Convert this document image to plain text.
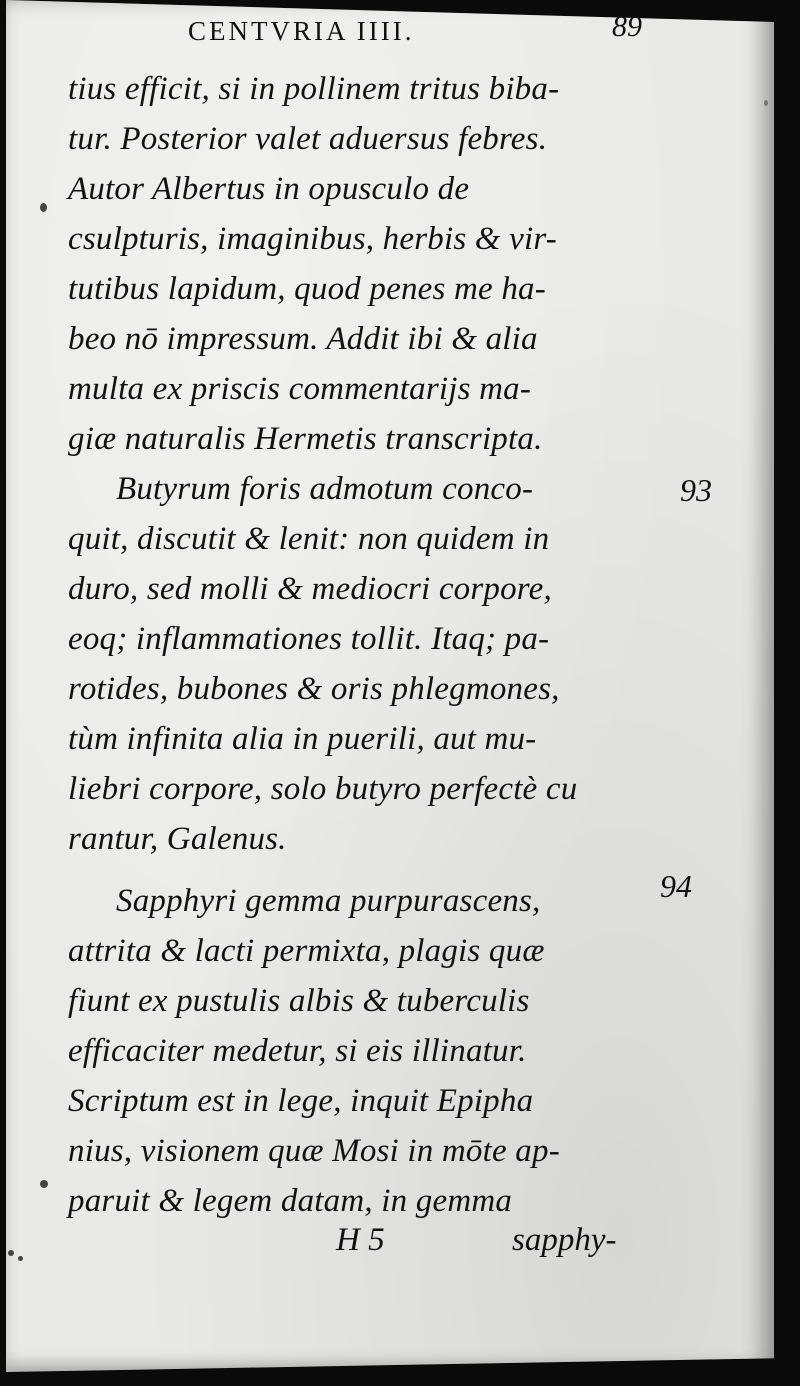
CENTVRIA IIII.	89
tius efficit, si in pollinem tritus biba-
tur. Posterior valet aduersus febres.
Autor Albertus in opusculo de
csulpturis, imaginibus, herbis & vir-
tutibus lapidum, quod penes me ha-
beo nō impressum. Addit ibi & alia
multa ex priscis commentarijs ma-
giæ naturalis Hermetis transcripta.
Butyrum foris admotum conco-
quit, discutit & lenit: non quidem in
duro, sed molli & mediocri corpore,
eoq; inflammationes tollit. Itaq; pa-
rotides, bubones & oris phlegmones,
tùm infinita alia in puerili, aut mu-
liebri corpore, solo butyro perfectè cu
rantur, Galenus.
Sapphyri gemma purpurascens,
attrita & lacti permixta, plagis quæ
fiunt ex pustulis albis & tuberculis
efficaciter medetur, si eis illinatur.
Scriptum est in lege, inquit Epipha
nius, visionem quæ Mosi in mōte ap-
paruit & legem datam, in gemma
93
94
H 5	sapphy-
